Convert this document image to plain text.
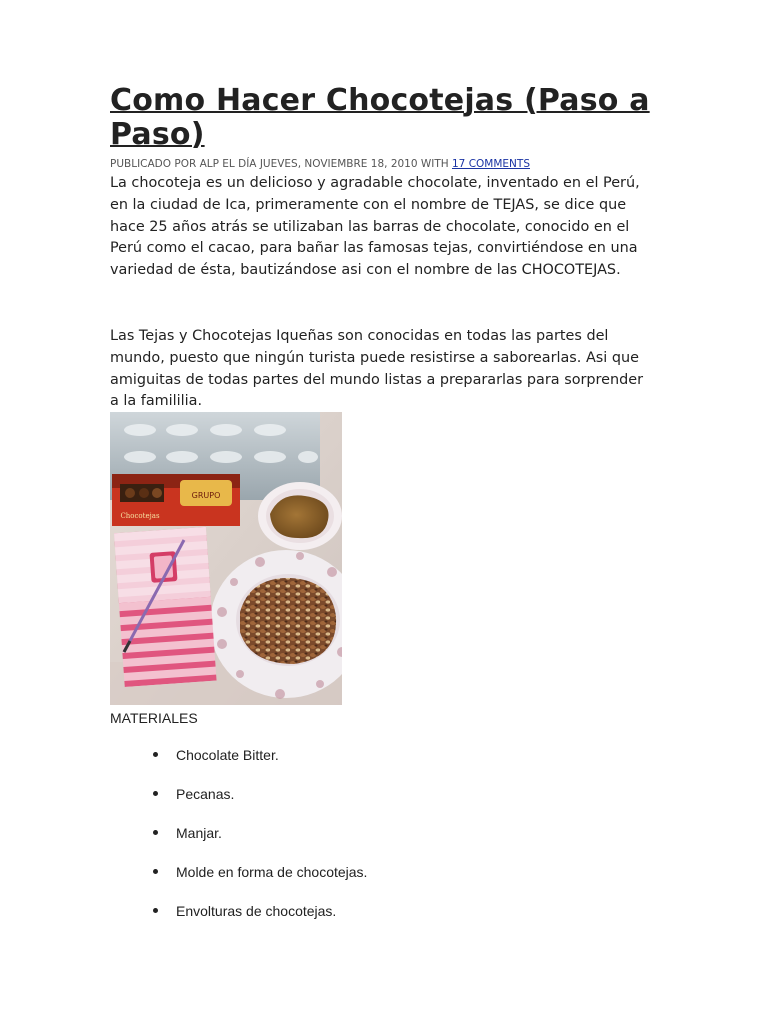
Como Hacer Chocotejas (Paso a Paso)
PUBLICADO POR ALP EL DÍA JUEVES, NOVIEMBRE 18, 2010 WITH 17 COMMENTS

La chocoteja es un delicioso y agradable chocolate, inventado en el Perú, en la ciudad de Ica, primeramente con el nombre de TEJAS, se dice que hace 25 años atrás se utilizaban las barras de chocolate, conocido en el Perú como el cacao, para bañar las famosas tejas, convirtiéndose en una variedad de ésta, bautizándose asi con el nombre de las CHOCOTEJAS.

Las Tejas y Chocotejas Iqueñas son conocidas en todas las partes del mundo, puesto que ningún turista puede resistirse a saborearlas. Asi que amiguitas de todas partes del mundo listas a prepararlas para sorprender a la famililia.

GRUPO
Chocotejas
MATERIALES
Chocolate Bitter.
Pecanas.
Manjar.
Molde en forma de chocotejas.
Envolturas de chocotejas.
